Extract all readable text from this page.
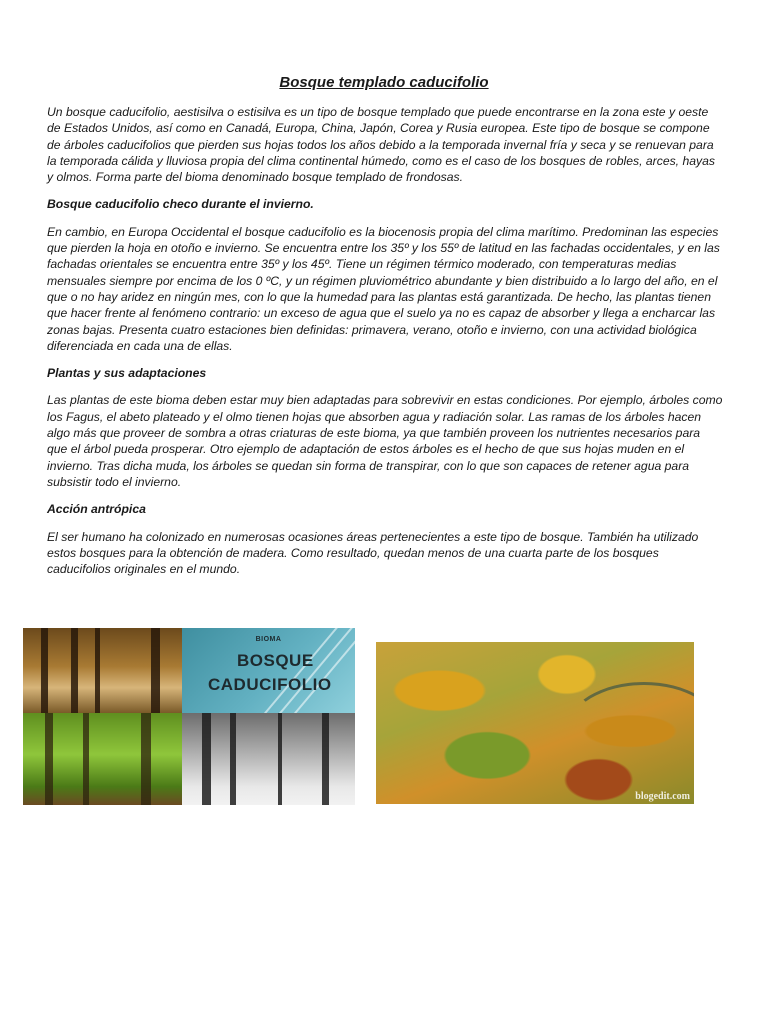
Bosque templado caducifolio

Un bosque caducifolio, aestisilva o estisilva es un tipo de bosque templado que puede encontrarse en la zona este y oeste de Estados Unidos, así como en Canadá, Europa, China, Japón, Corea y Rusia europea. Este tipo de bosque se compone de árboles caducifolios que pierden sus hojas todos los años debido a la temporada invernal fría y seca y se renuevan para la temporada cálida y lluviosa propia del clima continental húmedo, como es el caso de los bosques de robles, arces, hayas y olmos. Forma parte del bioma denominado bosque templado de frondosas.

Bosque caducifolio checo durante el invierno.

En cambio, en Europa Occidental el bosque caducifolio es la biocenosis propia del clima marítimo. Predominan las especies que pierden la hoja en otoño e invierno. Se encuentra entre los 35º y los 55º de latitud en las fachadas occidentales, y en las fachadas orientales se encuentra entre 35º y los 45º. Tiene un régimen térmico moderado, con temperaturas medias mensuales siempre por encima de los 0 ºC, y un régimen pluviométrico abundante y bien distribuido a lo largo del año, en el que o no hay aridez en ningún mes, con lo que la humedad para las plantas está garantizada. De hecho, las plantas tienen que hacer frente al fenómeno contrario: un exceso de agua que el suelo ya no es capaz de absorber y llega a encharcar las zonas bajas. Presenta cuatro estaciones bien definidas: primavera, verano, otoño e invierno, con una actividad biológica diferenciada en cada una de ellas.

Plantas y sus adaptaciones

Las plantas de este bioma deben estar muy bien adaptadas para sobrevivir en estas condiciones. Por ejemplo, árboles como los Fagus, el abeto plateado y el olmo tienen hojas que absorben agua y radiación solar. Las ramas de los árboles hacen algo más que proveer de sombra a otras criaturas de este bioma, ya que también proveen los nutrientes necesarios para que el árbol pueda prosperar. Otro ejemplo de adaptación de estos árboles es el hecho de que sus hojas muden en el invierno. Tras dicha muda, los árboles se quedan sin forma de transpirar, con lo que son capaces de retener agua para subsistir todo el invierno.

Acción antrópica

El ser humano ha colonizado en numerosas ocasiones áreas pertenecientes a este tipo de bosque. También ha utilizado estos bosques para la obtención de madera. Como resultado, quedan menos de una cuarta parte de los bosques caducifolios originales en el mundo.

BIOMA
BOSQUE
CADUCIFOLIO
blogedit.com
